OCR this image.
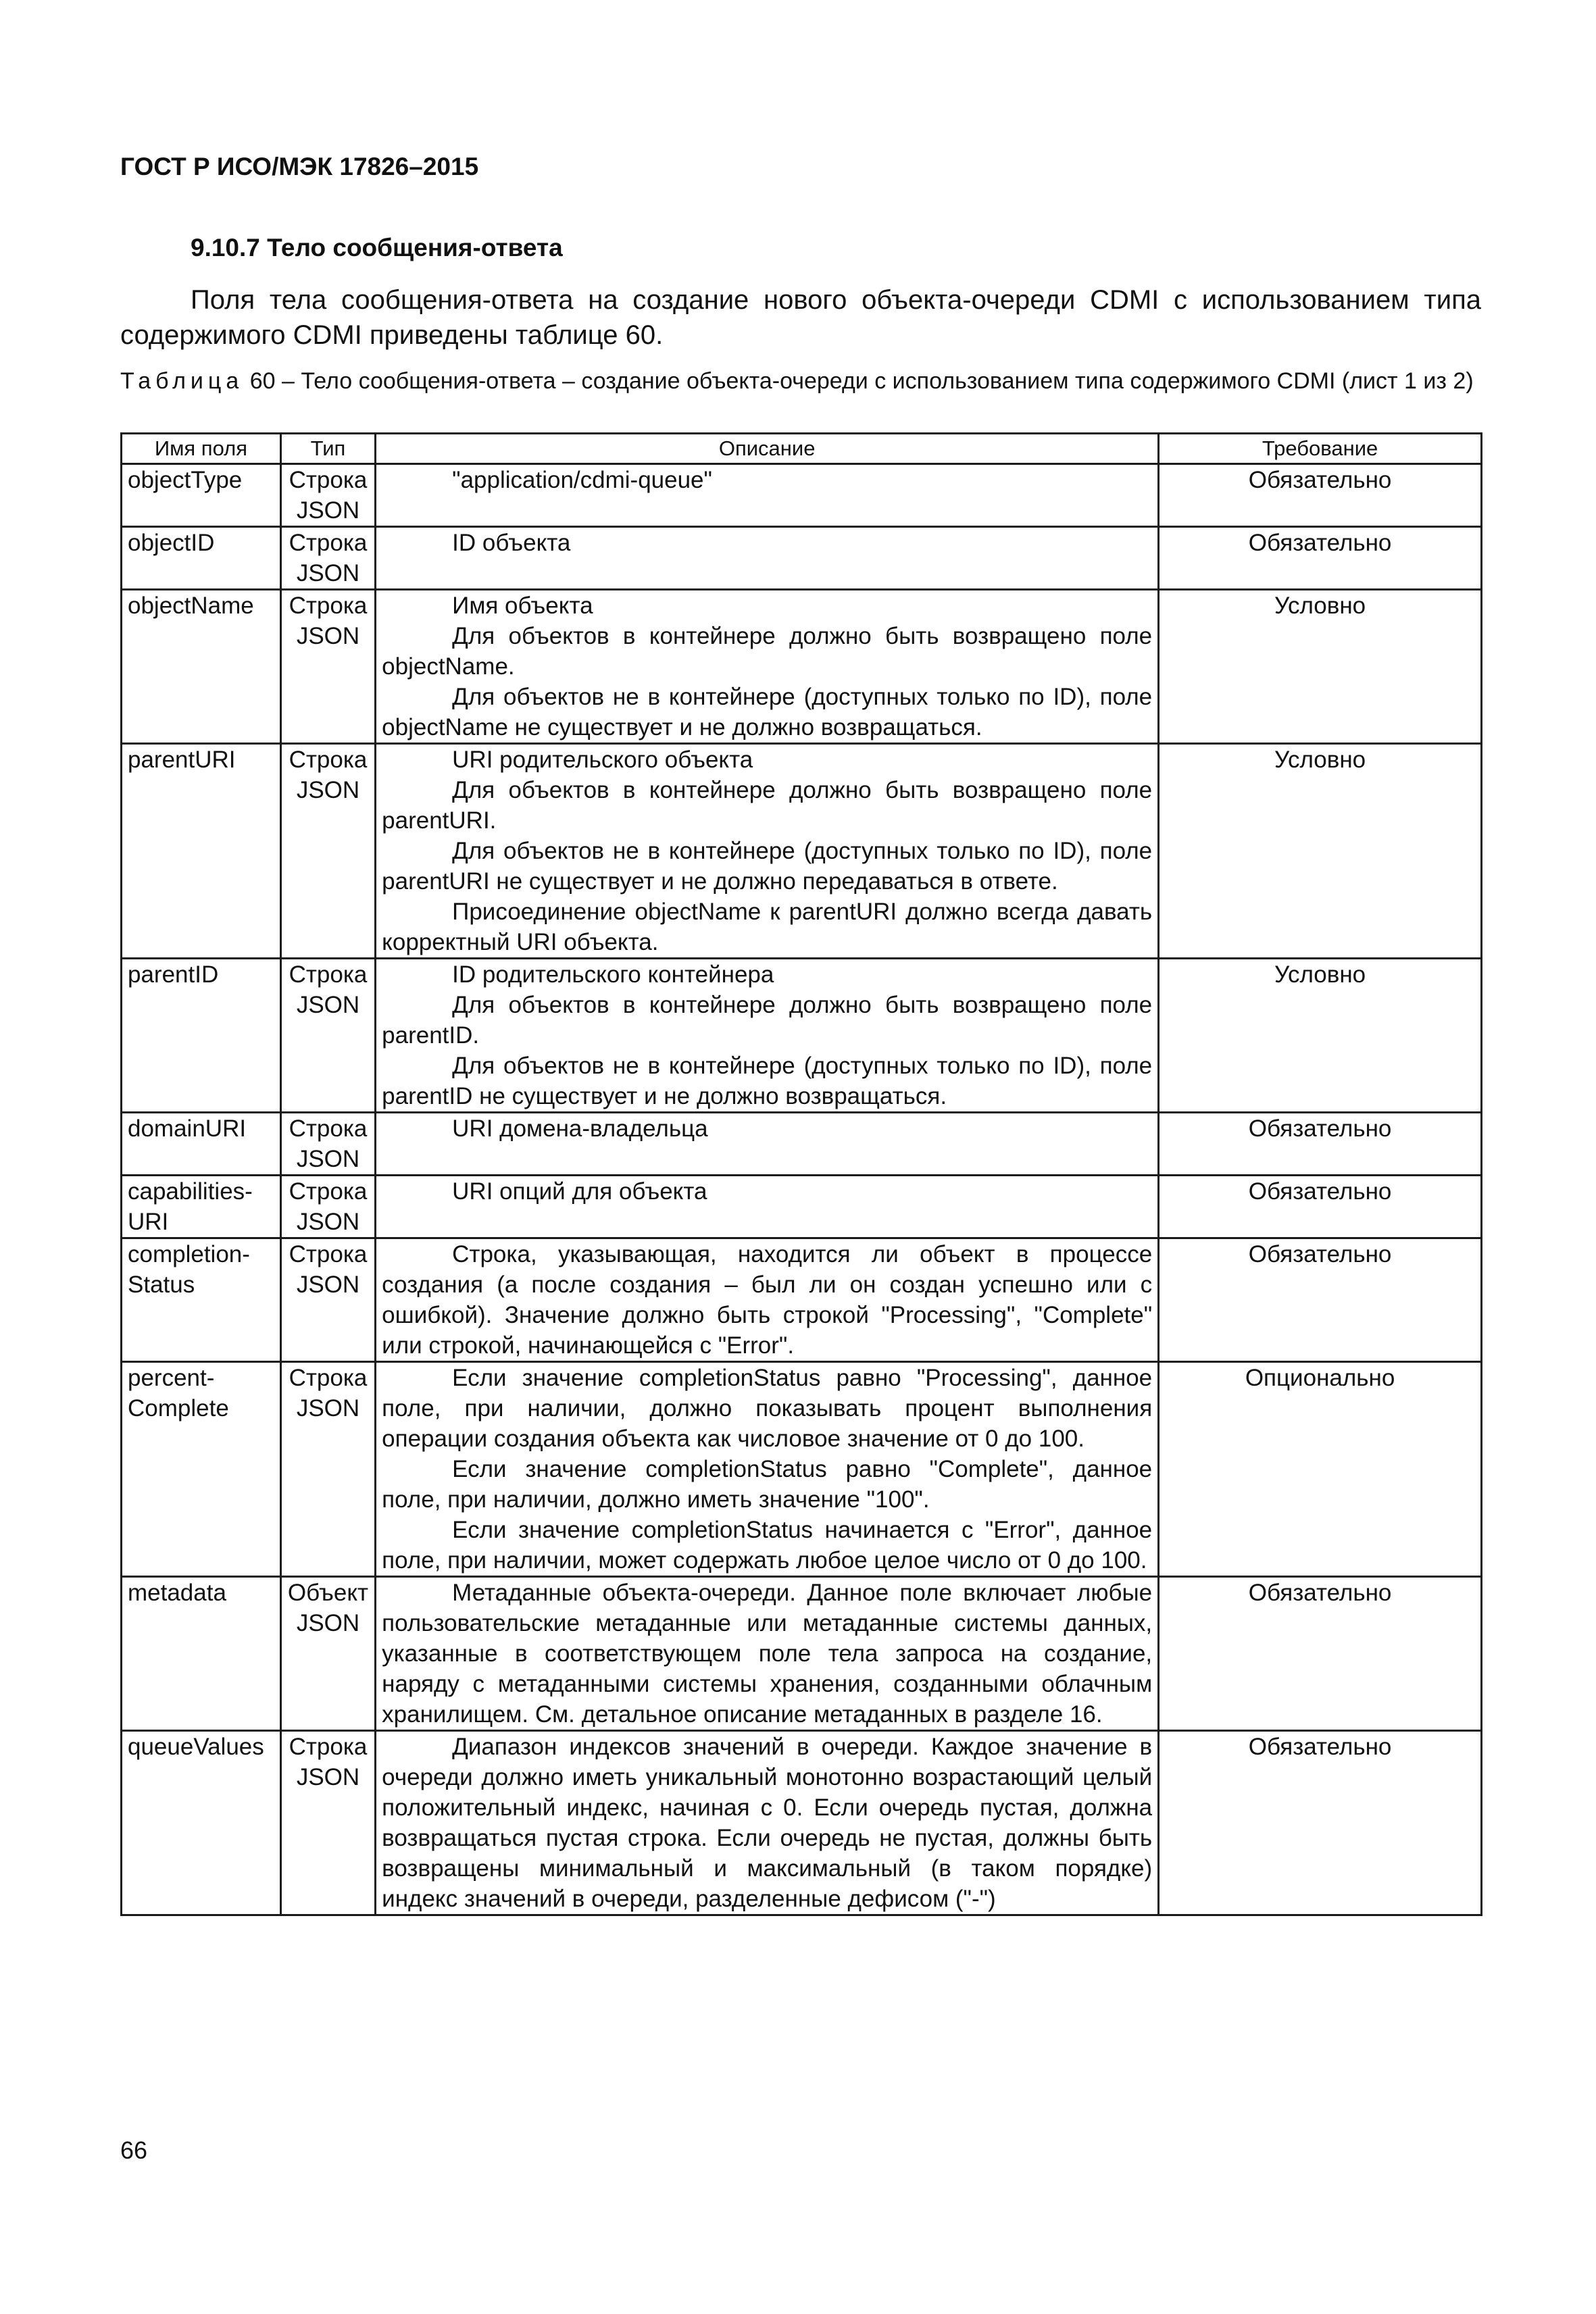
ГОСТ Р ИСО/МЭК 17826–2015
9.10.7 Тело сообщения-ответа

Поля тела сообщения-ответа на создание нового объекта-очереди CDMI с использованием типа содержимого CDMI приведены таблице 60.

Таблица 60 – Тело сообщения-ответа – создание объекта-очереди с использованием типа содержимого CDMI (лист 1 из 2)

Имя поля	Тип	Описание	Требование
objectType	Строка JSON	"application/cdmi-queue"	Обязательно
objectID	Строка JSON	ID объекта	Обязательно
objectName	Строка JSON	Имя объекта
Для объектов в контейнере должно быть возвращено поле objectName.
Для объектов не в контейнере (доступных только по ID), поле objectName не существует и не должно возвращаться.	Условно
parentURI	Строка JSON	URI родительского объекта
Для объектов в контейнере должно быть возвращено поле parentURI.
Для объектов не в контейнере (доступных только по ID), поле parentURI не существует и не должно передаваться в ответе.
Присоединение objectName к parentURI должно всегда давать корректный URI объекта.	Условно
parentID	Строка JSON	ID родительского контейнера
Для объектов в контейнере должно быть возвращено поле parentID.
Для объектов не в контейнере (доступных только по ID), поле parentID не существует и не должно возвращаться.	Условно
domainURI	Строка JSON	URI домена-владельца	Обязательно
capabilities-URI	Строка JSON	URI опций для объекта	Обязательно
completion-Status	Строка JSON	Строка, указывающая, находится ли объект в процессе создания (а после создания – был ли он создан успешно или с ошибкой). Значение должно быть строкой "Processing", "Complete" или строкой, начинающейся с "Error".	Обязательно
percent-Complete	Строка JSON	Если значение completionStatus равно "Processing", данное поле, при наличии, должно показывать процент выполнения операции создания объекта как числовое значение от 0 до 100.
Если значение completionStatus равно "Complete", данное поле, при наличии, должно иметь значение "100".
Если значение completionStatus начинается с "Error", данное поле, при наличии, может содержать любое целое число от 0 до 100.	Опционально
metadata	Объект JSON	Метаданные объекта-очереди. Данное поле включает любые пользовательские метаданные или метаданные системы данных, указанные в соответствующем поле тела запроса на создание, наряду с метаданными системы хранения, созданными облачным хранилищем. См. детальное описание метаданных в разделе 16.	Обязательно
queueValues	Строка JSON	Диапазон индексов значений в очереди. Каждое значение в очереди должно иметь уникальный монотонно возрастающий целый положительный индекс, начиная с 0. Если очередь пустая, должна возвращаться пустая строка. Если очередь не пустая, должны быть возвращены минимальный и максимальный (в таком порядке) индекс значений в очереди, разделенные дефисом ("-")	Обязательно

66
